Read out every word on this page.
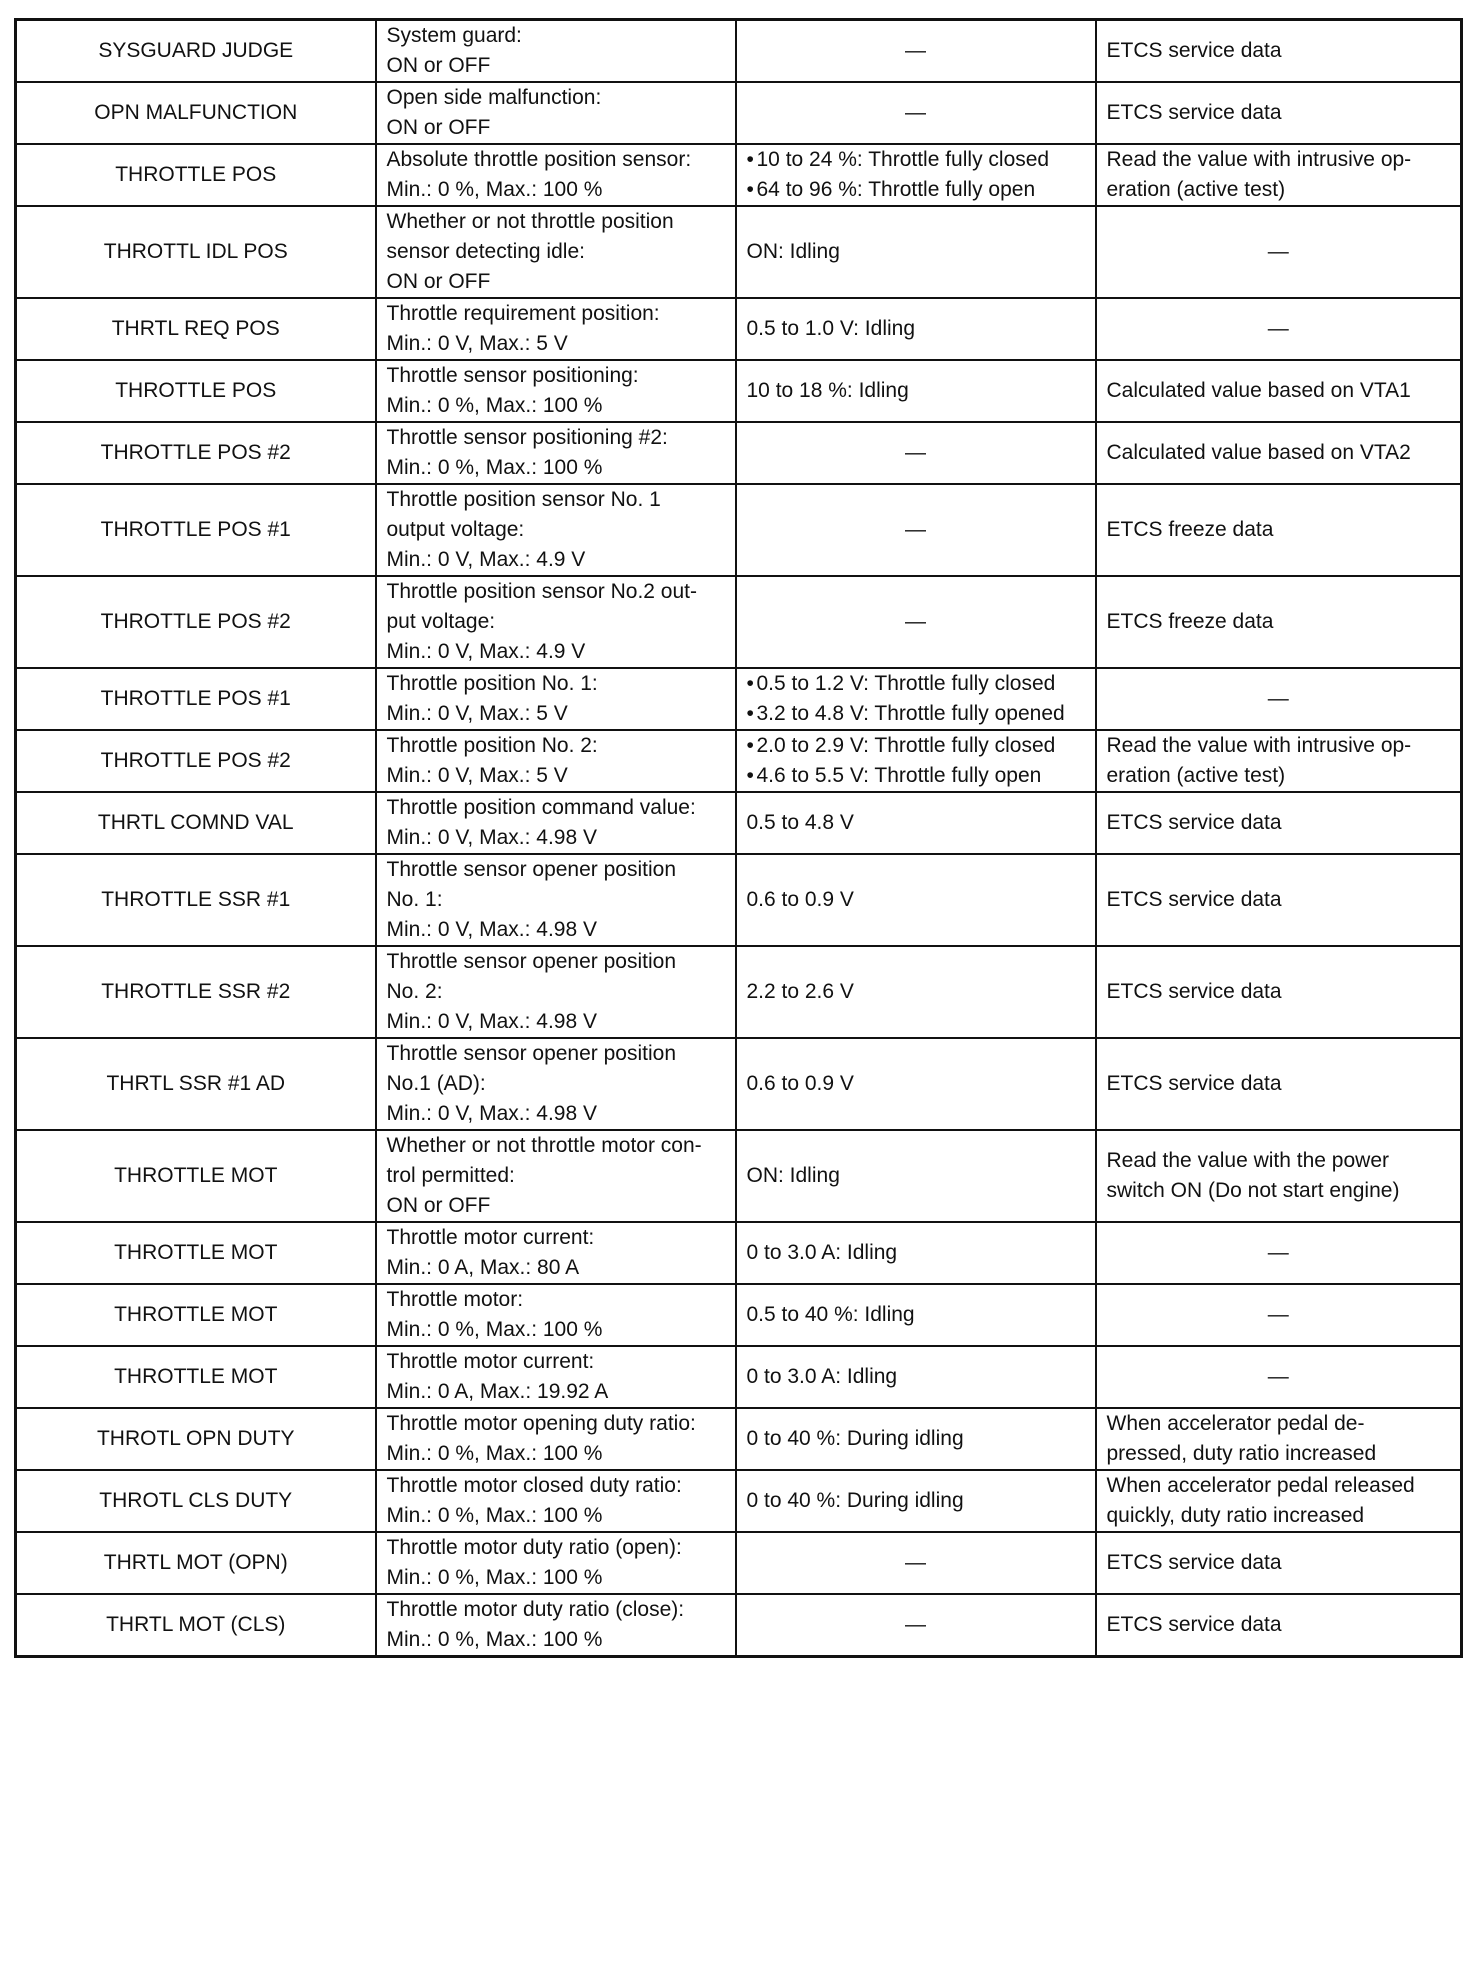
SYSGUARD JUDGE	System guard:
ON or OFF	—	ETCS service data

OPN MALFUNCTION	Open side malfunction:
ON or OFF	—	ETCS service data

THROTTLE POS	Absolute throttle position sensor:
Min.: 0 %, Max.: 100 %	• 10 to 24 %: Throttle fully closed
• 64 to 96 %: Throttle fully open	Read the value with intrusive op-
eration (active test)

THROTTL IDL POS	Whether or not throttle position
sensor detecting idle:
ON or OFF	ON: Idling	—

THRTL REQ POS	Throttle requirement position:
Min.: 0 V, Max.: 5 V	0.5 to 1.0 V: Idling	—

THROTTLE POS	Throttle sensor positioning:
Min.: 0 %, Max.: 100 %	10 to 18 %: Idling	Calculated value based on VTA1

THROTTLE POS #2	Throttle sensor positioning #2:
Min.: 0 %, Max.: 100 %	—	Calculated value based on VTA2

THROTTLE POS #1	Throttle position sensor No. 1
output voltage:
Min.: 0 V, Max.: 4.9 V	—	ETCS freeze data

THROTTLE POS #2	Throttle position sensor No.2 out-
put voltage:
Min.: 0 V, Max.: 4.9 V	—	ETCS freeze data

THROTTLE POS #1	Throttle position No. 1:
Min.: 0 V, Max.: 5 V	• 0.5 to 1.2 V: Throttle fully closed
• 3.2 to 4.8 V: Throttle fully opened	—

THROTTLE POS #2	Throttle position No. 2:
Min.: 0 V, Max.: 5 V	• 2.0 to 2.9 V: Throttle fully closed
• 4.6 to 5.5 V: Throttle fully open	Read the value with intrusive op-
eration (active test)

THRTL COMND VAL	Throttle position command value:
Min.: 0 V, Max.: 4.98 V	0.5 to 4.8 V	ETCS service data

THROTTLE SSR #1	Throttle sensor opener position
No. 1:
Min.: 0 V, Max.: 4.98 V	0.6 to 0.9 V	ETCS service data

THROTTLE SSR #2	Throttle sensor opener position
No. 2:
Min.: 0 V, Max.: 4.98 V	2.2 to 2.6 V	ETCS service data

THRTL SSR #1 AD	Throttle sensor opener position
No.1 (AD):
Min.: 0 V, Max.: 4.98 V	0.6 to 0.9 V	ETCS service data

THROTTLE MOT	Whether or not throttle motor con-
trol permitted:
ON or OFF	ON: Idling	Read the value with the power
switch ON (Do not start engine)

THROTTLE MOT	Throttle motor current:
Min.: 0 A, Max.: 80 A	0 to 3.0 A: Idling	—

THROTTLE MOT	Throttle motor:
Min.: 0 %, Max.: 100 %	0.5 to 40 %: Idling	—

THROTTLE MOT	Throttle motor current:
Min.: 0 A, Max.: 19.92 A	0 to 3.0 A: Idling	—

THROTL OPN DUTY	Throttle motor opening duty ratio:
Min.: 0 %, Max.: 100 %	0 to 40 %: During idling	When accelerator pedal de-
pressed, duty ratio increased

THROTL CLS DUTY	Throttle motor closed duty ratio:
Min.: 0 %, Max.: 100 %	0 to 40 %: During idling	When accelerator pedal released
quickly, duty ratio increased

THRTL MOT (OPN)	Throttle motor duty ratio (open):
Min.: 0 %, Max.: 100 %	—	ETCS service data

THRTL MOT (CLS)	Throttle motor duty ratio (close):
Min.: 0 %, Max.: 100 %	—	ETCS service data
